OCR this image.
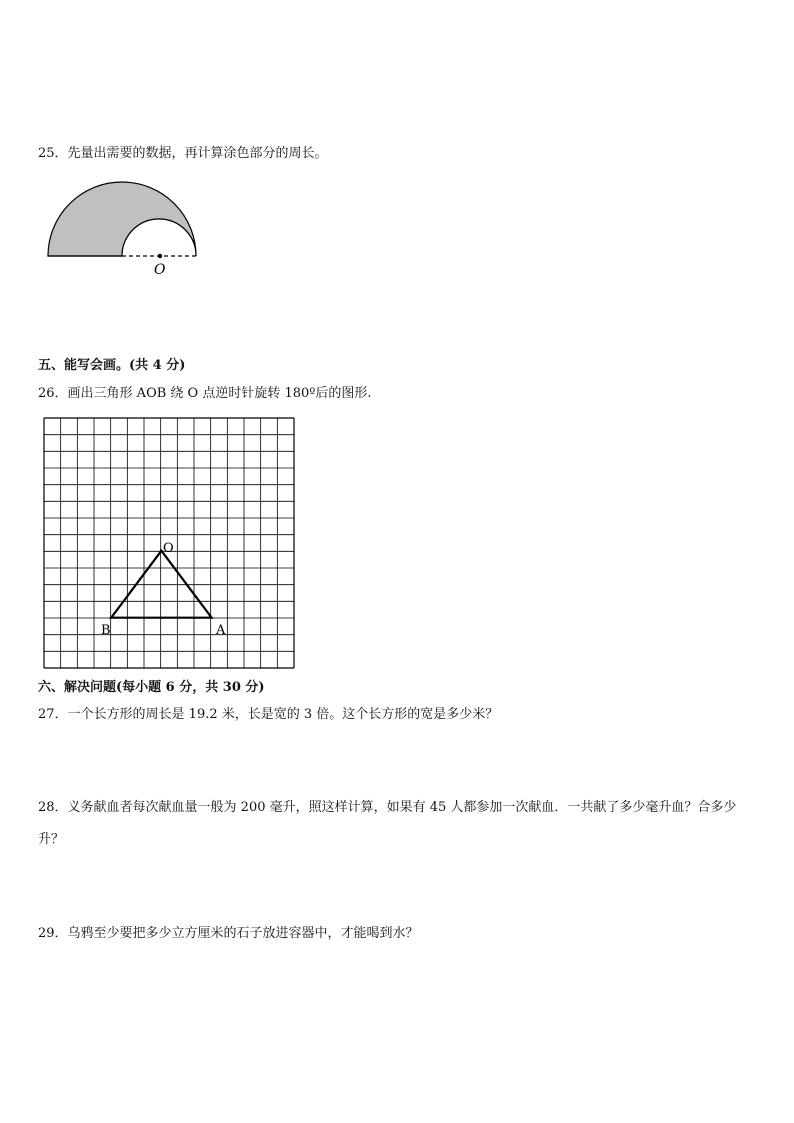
25．先量出需要的数据，再计算涂色部分的周长。
O
五、能写会画。(共 4 分)
26．画出三角形 AOB 绕 O 点逆时针旋转 180º后的图形.
O
B	A
六、解决问题(每小题 6 分，共 30 分)
27．一个长方形的周长是 19.2 米，长是宽的 3 倍。这个长方形的宽是多少米？
28．义务献血者每次献血量一般为 200 毫升，照这样计算，如果有 45 人都参加一次献血．一共献了多少毫升血？合多少升？
29．乌鸦至少要把多少立方厘米的石子放进容器中，才能喝到水？
